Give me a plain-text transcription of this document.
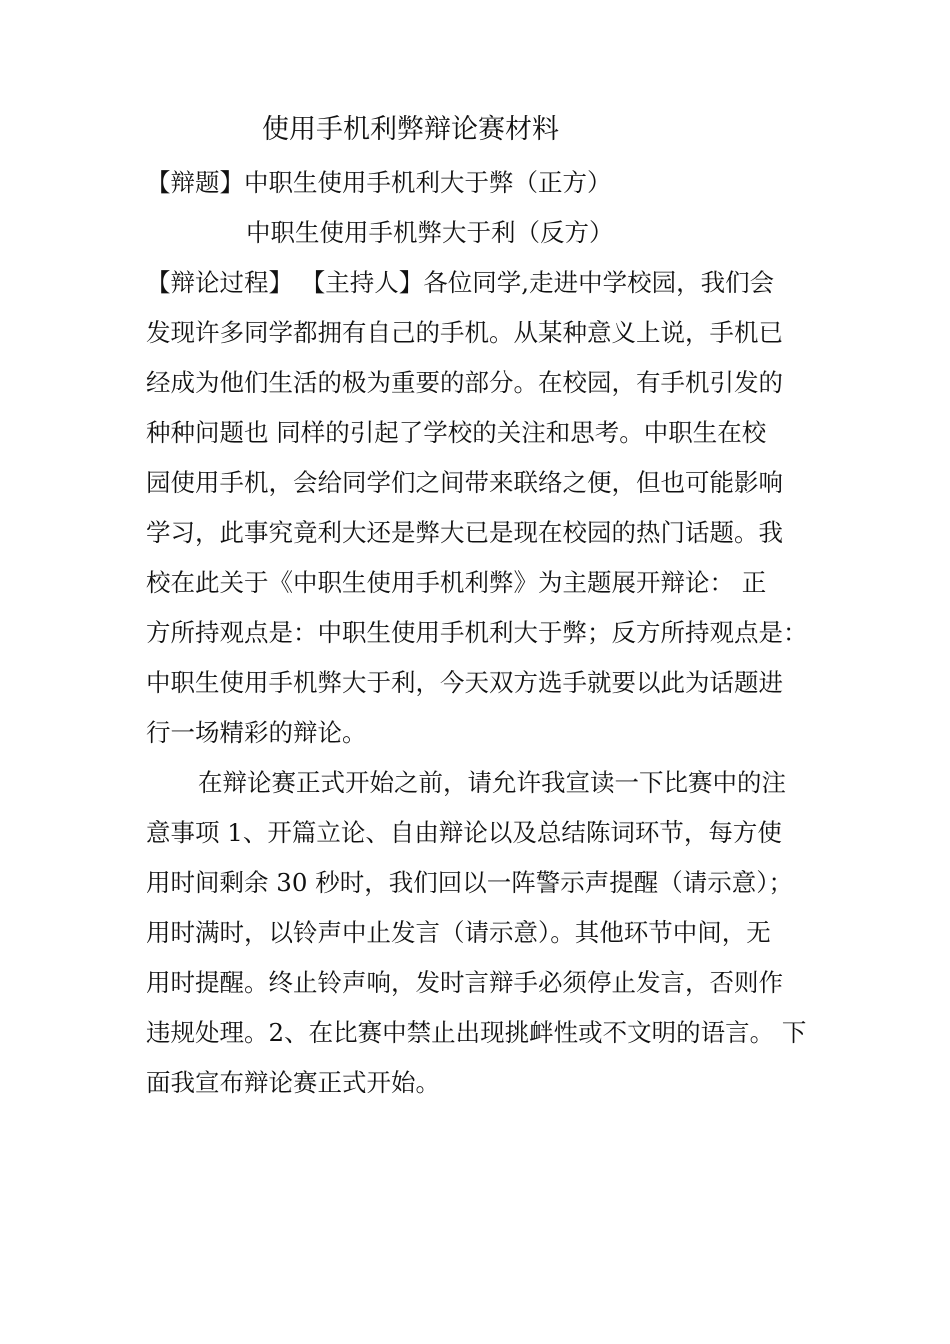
使用手机利弊辩论赛材料
【辩题】中职生使用手机利大于弊（正方）
中职生使用手机弊大于利（反方）
【辩论过程】 【主持人】各位同学,走进中学校园，我们会
发现许多同学都拥有自己的手机。从某种意义上说，手机已
经成为他们生活的极为重要的部分。在校园，有手机引发的
种种问题也 同样的引起了学校的关注和思考。中职生在校
园使用手机，会给同学们之间带来联络之便，但也可能影响
学习，此事究竟利大还是弊大已是现在校园的热门话题。我
校在此关于《中职生使用手机利弊》为主题展开辩论： 正
方所持观点是：中职生使用手机利大于弊；反方所持观点是：
中职生使用手机弊大于利，今天双方选手就要以此为话题进
行一场精彩的辩论。
在辩论赛正式开始之前，请允许我宣读一下比赛中的注
意事项 1、开篇立论、自由辩论以及总结陈词环节，每方使
用时间剩余 30 秒时，我们回以一阵警示声提醒（请示意）；
用时满时，以铃声中止发言（请示意）。其他环节中间，无
用时提醒。终止铃声响，发时言辩手必须停止发言，否则作
违规处理。2、在比赛中禁止出现挑衅性或不文明的语言。 下
面我宣布辩论赛正式开始。
